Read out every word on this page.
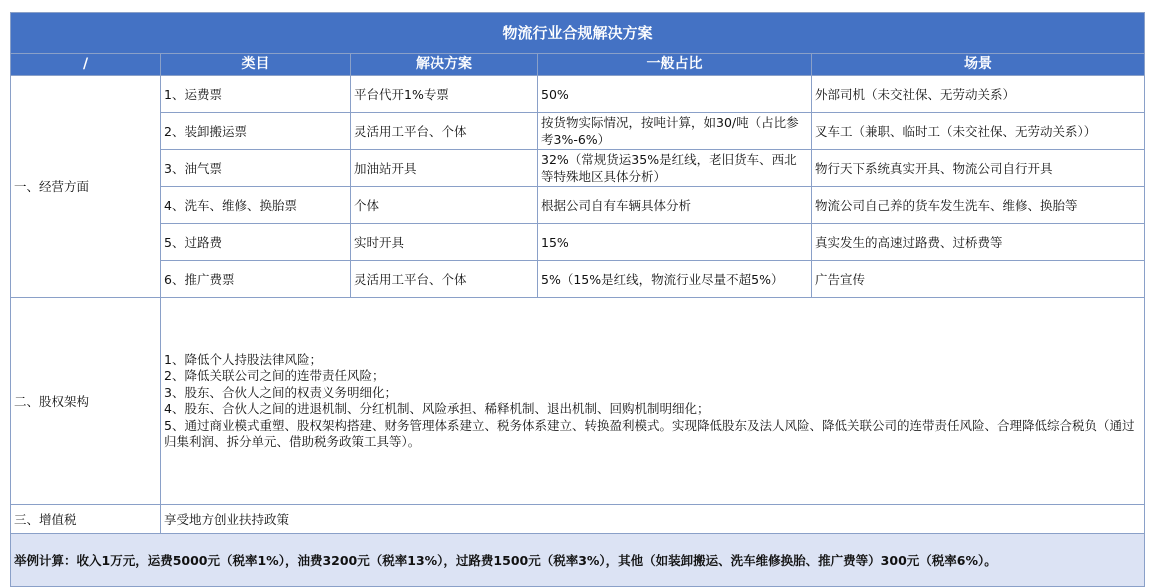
物流行业合规解决方案				
/	类目	解决方案	一般占比	场景
一、经营方面	1、运费票	平台代开1%专票	50%	外部司机（未交社保、无劳动关系）
	2、装卸搬运票	灵活用工平台、个体	按货物实际情况，按吨计算，如30/吨（占比参考3%-6%）	叉车工（兼职、临时工（未交社保、无劳动关系））
	3、油气票	加油站开具	32%（常规货运35%是红线，老旧货车、西北等特殊地区具体分析）	物行天下系统真实开具、物流公司自行开具
	4、洗车、维修、换胎票	个体	根据公司自有车辆具体分析	物流公司自己养的货车发生洗车、维修、换胎等
	5、过路费	实时开具	15%	真实发生的高速过路费、过桥费等
	6、推广费票	灵活用工平台、个体	5%（15%是红线，物流行业尽量不超5%）	广告宣传
二、股权架构	1、降低个人持股法律风险；
2、降低关联公司之间的连带责任风险；
3、股东、合伙人之间的权责义务明细化；
4、股东、合伙人之间的进退机制、分红机制、风险承担、稀释机制、退出机制、回购机制明细化；
5、通过商业模式重塑、股权架构搭建、财务管理体系建立、税务体系建立、转换盈利模式。实现降低股东及法人风险、降低关联公司的连带责任风险、合理降低综合税负（通过归集利润、拆分单元、借助税务政策工具等）。			

三、增值税	享受地方创业扶持政策			
举例计算：收入1万元，运费5000元（税率1%），油费3200元（税率13%），过路费1500元（税率3%），其他（如装卸搬运、洗车维修换胎、推广费等）300元（税率6%）。				
